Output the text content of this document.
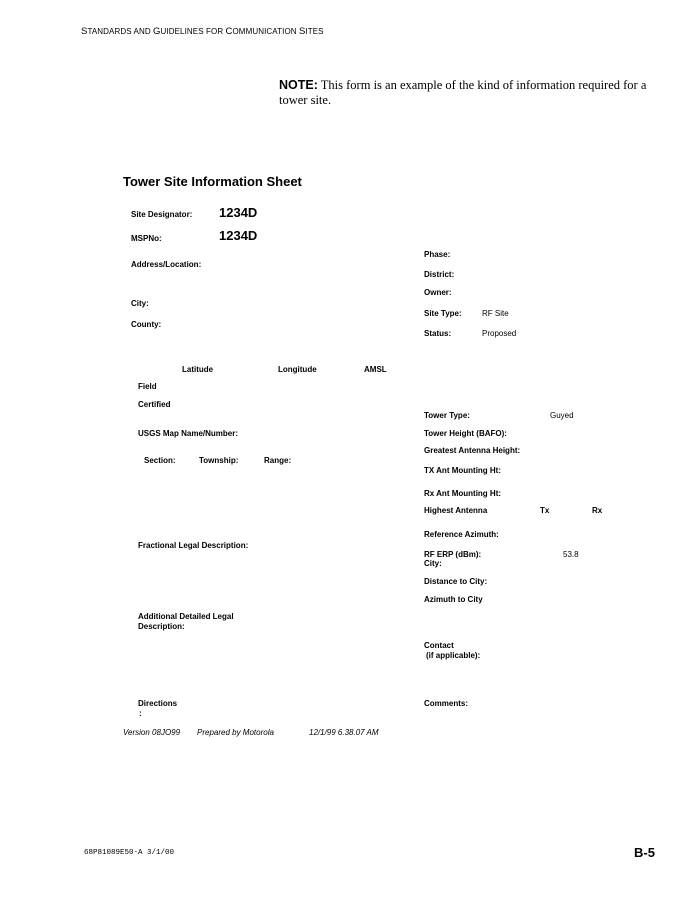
STANDARDS AND GUIDELINES FOR COMMUNICATION SITES
NOTE: This form is an example of the kind of information required for a tower site.
Tower Site Information Sheet
Site Designator: 1234D
MSPNo:	1234D
Address/Location:
City:
County:
Latitude	Longitude	AMSL
Field
Certified
USGS Map Name/Number:
Section:	Township:	Range:
Fractional Legal Description:
Additional Detailed Legal Description:
Directions
:
Phase:
District:
Owner:
Site Type:	RF Site
Status:	Proposed
Tower Type:	Guyed
Tower Height (BAFO):
Greatest Antenna Height:
TX Ant Mounting Ht:
Rx Ant Mounting Ht:
Highest Antenna	Tx	Rx
Reference Azimuth:
RF ERP (dBm):	53.8
City:
Distance to City:
Azimuth to City
Contact
(if applicable):
Comments:
Version 08JO99 Prepared by Motorola	12/1/99 6.38.07 AM
68P81089E50-A 3/1/00	B-5
